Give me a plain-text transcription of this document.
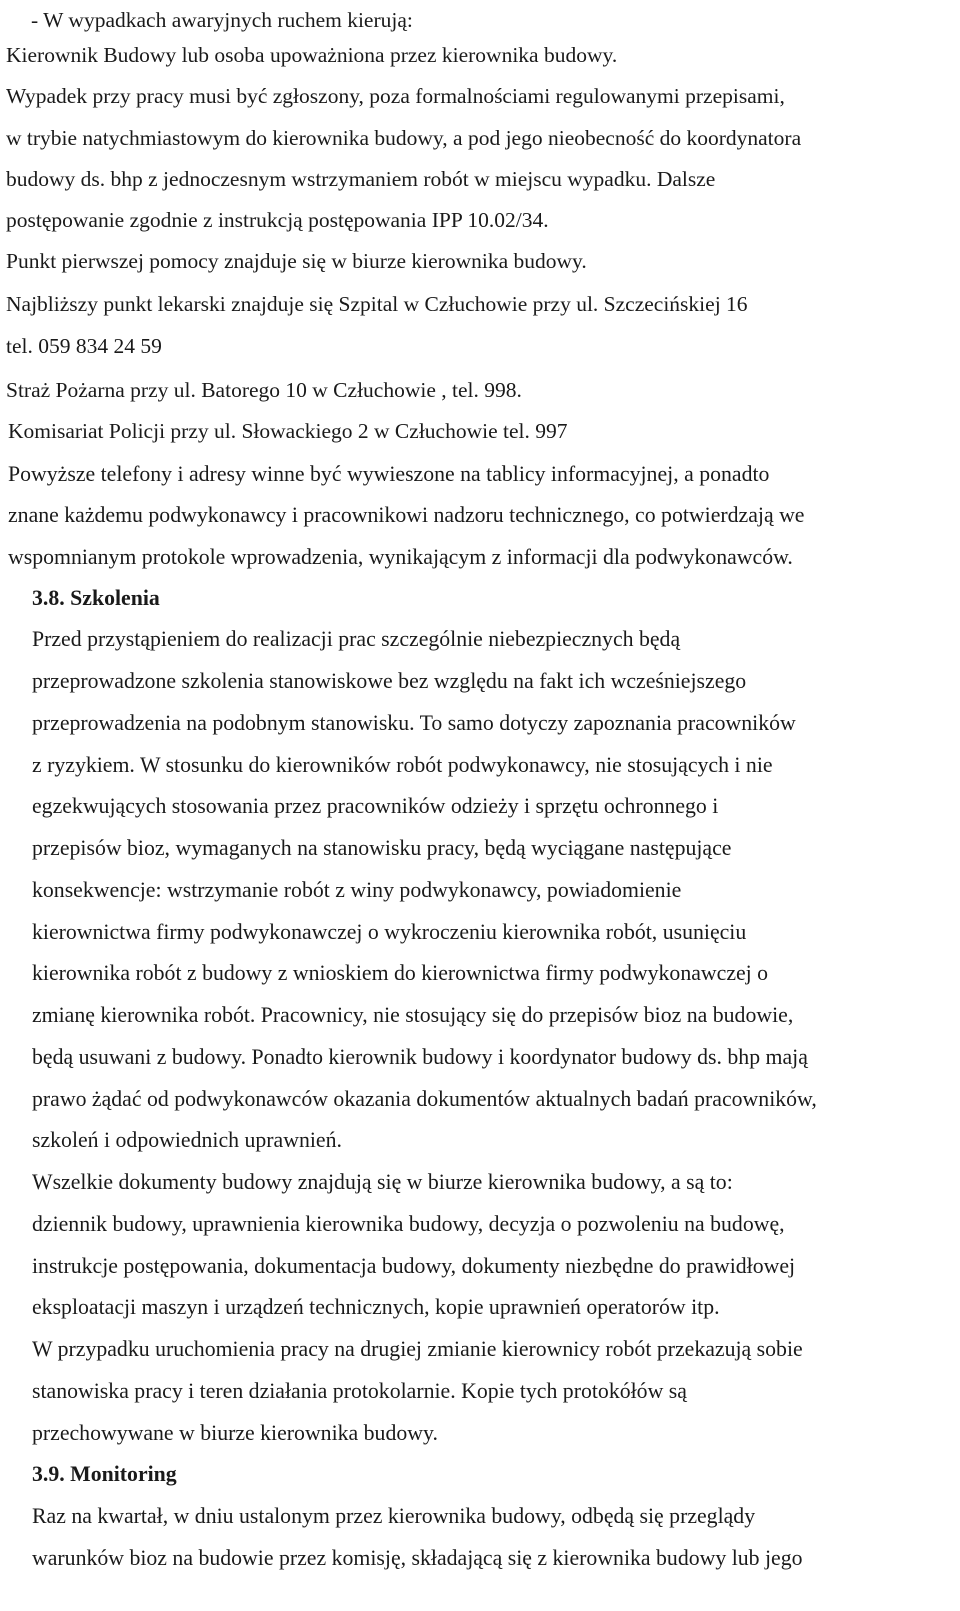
- W wypadkach awaryjnych ruchem kierują:
Kierownik Budowy lub osoba upoważniona przez kierownika budowy.
Wypadek przy pracy musi być zgłoszony, poza formalnościami regulowanymi przepisami,
w trybie natychmiastowym do kierownika budowy, a pod jego nieobecność do koordynatora
budowy ds. bhp z jednoczesnym wstrzymaniem robót w miejscu wypadku. Dalsze
postępowanie zgodnie z instrukcją postępowania IPP 10.02/34.
Punkt pierwszej pomocy znajduje się w biurze kierownika budowy.
Najbliższy punkt lekarski znajduje się Szpital w Człuchowie przy ul. Szczecińskiej 16
tel. 059 834 24 59
Straż Pożarna przy ul. Batorego 10 w Człuchowie , tel. 998.
Komisariat Policji przy ul. Słowackiego 2 w Człuchowie tel. 997
Powyższe telefony i adresy winne być wywieszone na tablicy informacyjnej, a ponadto
znane każdemu podwykonawcy i pracownikowi nadzoru technicznego, co potwierdzają we
wspomnianym protokole wprowadzenia, wynikającym z informacji dla podwykonawców.
3.8. Szkolenia
Przed przystąpieniem do realizacji prac szczególnie niebezpiecznych będą
przeprowadzone szkolenia stanowiskowe bez względu na fakt ich wcześniejszego
przeprowadzenia na podobnym stanowisku. To samo dotyczy zapoznania pracowników
z ryzykiem. W stosunku do kierowników robót podwykonawcy, nie stosujących i nie
egzekwujących stosowania przez pracowników odzieży i sprzętu ochronnego i
przepisów bioz, wymaganych na stanowisku pracy, będą wyciągane następujące
konsekwencje: wstrzymanie robót z winy podwykonawcy, powiadomienie
kierownictwa firmy podwykonawczej o wykroczeniu kierownika robót, usunięciu
kierownika robót z budowy z wnioskiem do kierownictwa firmy podwykonawczej o
zmianę kierownika robót. Pracownicy, nie stosujący się do przepisów bioz na budowie,
będą usuwani z budowy. Ponadto kierownik budowy i koordynator budowy ds. bhp mają
prawo żądać od podwykonawców okazania dokumentów aktualnych badań pracowników,
szkoleń i odpowiednich uprawnień.
Wszelkie dokumenty budowy znajdują się w biurze kierownika budowy, a są to:
dziennik budowy, uprawnienia kierownika budowy, decyzja o pozwoleniu na budowę,
instrukcje postępowania, dokumentacja budowy, dokumenty niezbędne do prawidłowej
eksploatacji maszyn i urządzeń technicznych, kopie uprawnień operatorów itp.
W przypadku uruchomienia pracy na drugiej zmianie kierownicy robót przekazują sobie
stanowiska pracy i teren działania protokolarnie. Kopie tych protokółów są
przechowywane w biurze kierownika budowy.
3.9. Monitoring
Raz na kwartał, w dniu ustalonym przez kierownika budowy, odbędą się przeglądy
warunków bioz na budowie przez komisję, składającą się z kierownika budowy lub jego
